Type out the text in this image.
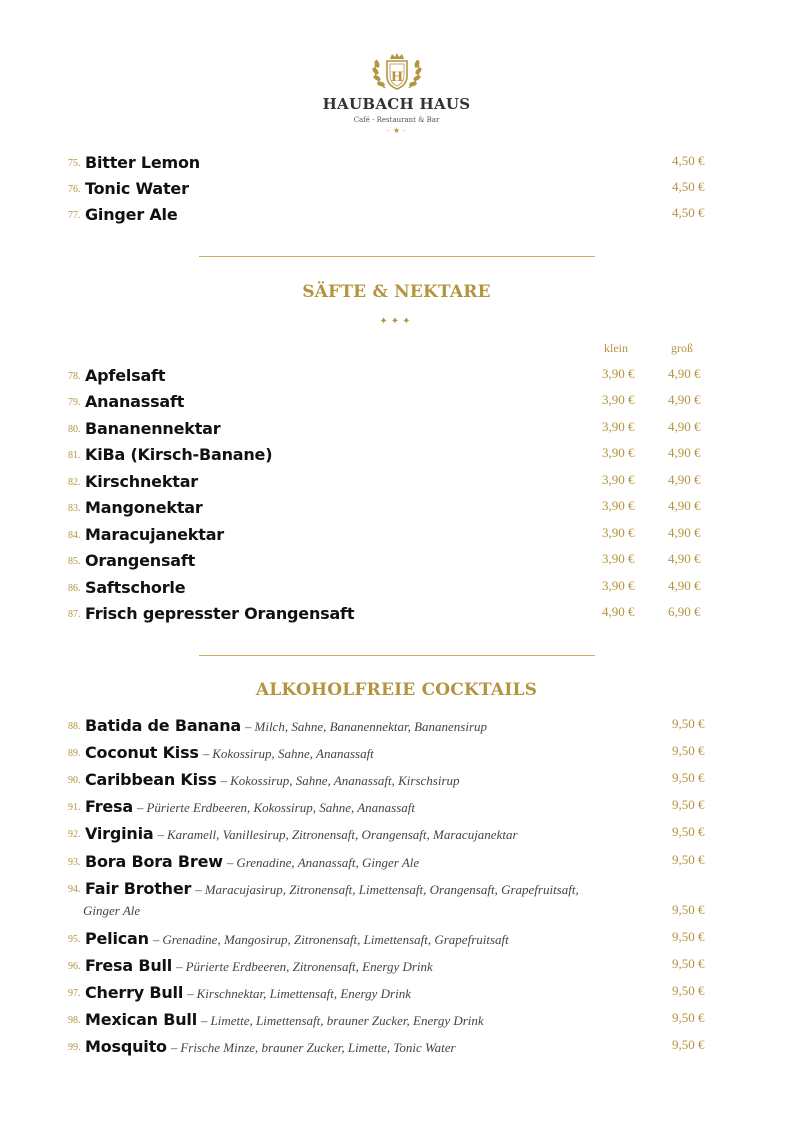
H
HAUBACH HAUS
Café · Restaurant & Bar
– ★ –
75. Bitter Lemon	4,50 €
76. Tonic Water	4,50 €
77. Ginger Ale	4,50 €
SÄFTE & NEKTARE
✦✦✦
klein	groß
78. Apfelsaft	3,90 €	4,90 €
79. Ananassaft	3,90 €	4,90 €
80. Bananennektar	3,90 €	4,90 €
81. KiBa (Kirsch-Banane)	3,90 €	4,90 €
82. Kirschnektar	3,90 €	4,90 €
83. Mangonektar	3,90 €	4,90 €
84. Maracujanektar	3,90 €	4,90 €
85. Orangensaft	3,90 €	4,90 €
86. Saftschorle	3,90 €	4,90 €
87. Frisch gepresster Orangensaft	4,90 €	6,90 €
ALKOHOLFREIE COCKTAILS
88. Batida de Banana – Milch, Sahne, Bananennektar, Bananensirup	9,50 €
89. Coconut Kiss – Kokossirup, Sahne, Ananassaft	9,50 €
90. Caribbean Kiss – Kokossirup, Sahne, Ananassaft, Kirschsirup	9,50 €
91. Fresa – Pürierte Erdbeeren, Kokossirup, Sahne, Ananassaft	9,50 €
92. Virginia – Karamell, Vanillesirup, Zitronensaft, Orangensaft, Maracujanektar	9,50 €
93. Bora Bora Brew – Grenadine, Ananassaft, Ginger Ale	9,50 €
94. Fair Brother – Maracujasirup, Zitronensaft, Limettensaft, Orangensaft, Grapefruitsaft,
Ginger Ale	9,50 €
95. Pelican – Grenadine, Mangosirup, Zitronensaft, Limettensaft, Grapefruitsaft	9,50 €
96. Fresa Bull – Pürierte Erdbeeren, Zitronensaft, Energy Drink	9,50 €
97. Cherry Bull – Kirschnektar, Limettensaft, Energy Drink	9,50 €
98. Mexican Bull – Limette, Limettensaft, brauner Zucker, Energy Drink	9,50 €
99. Mosquito – Frische Minze, brauner Zucker, Limette, Tonic Water	9,50 €
